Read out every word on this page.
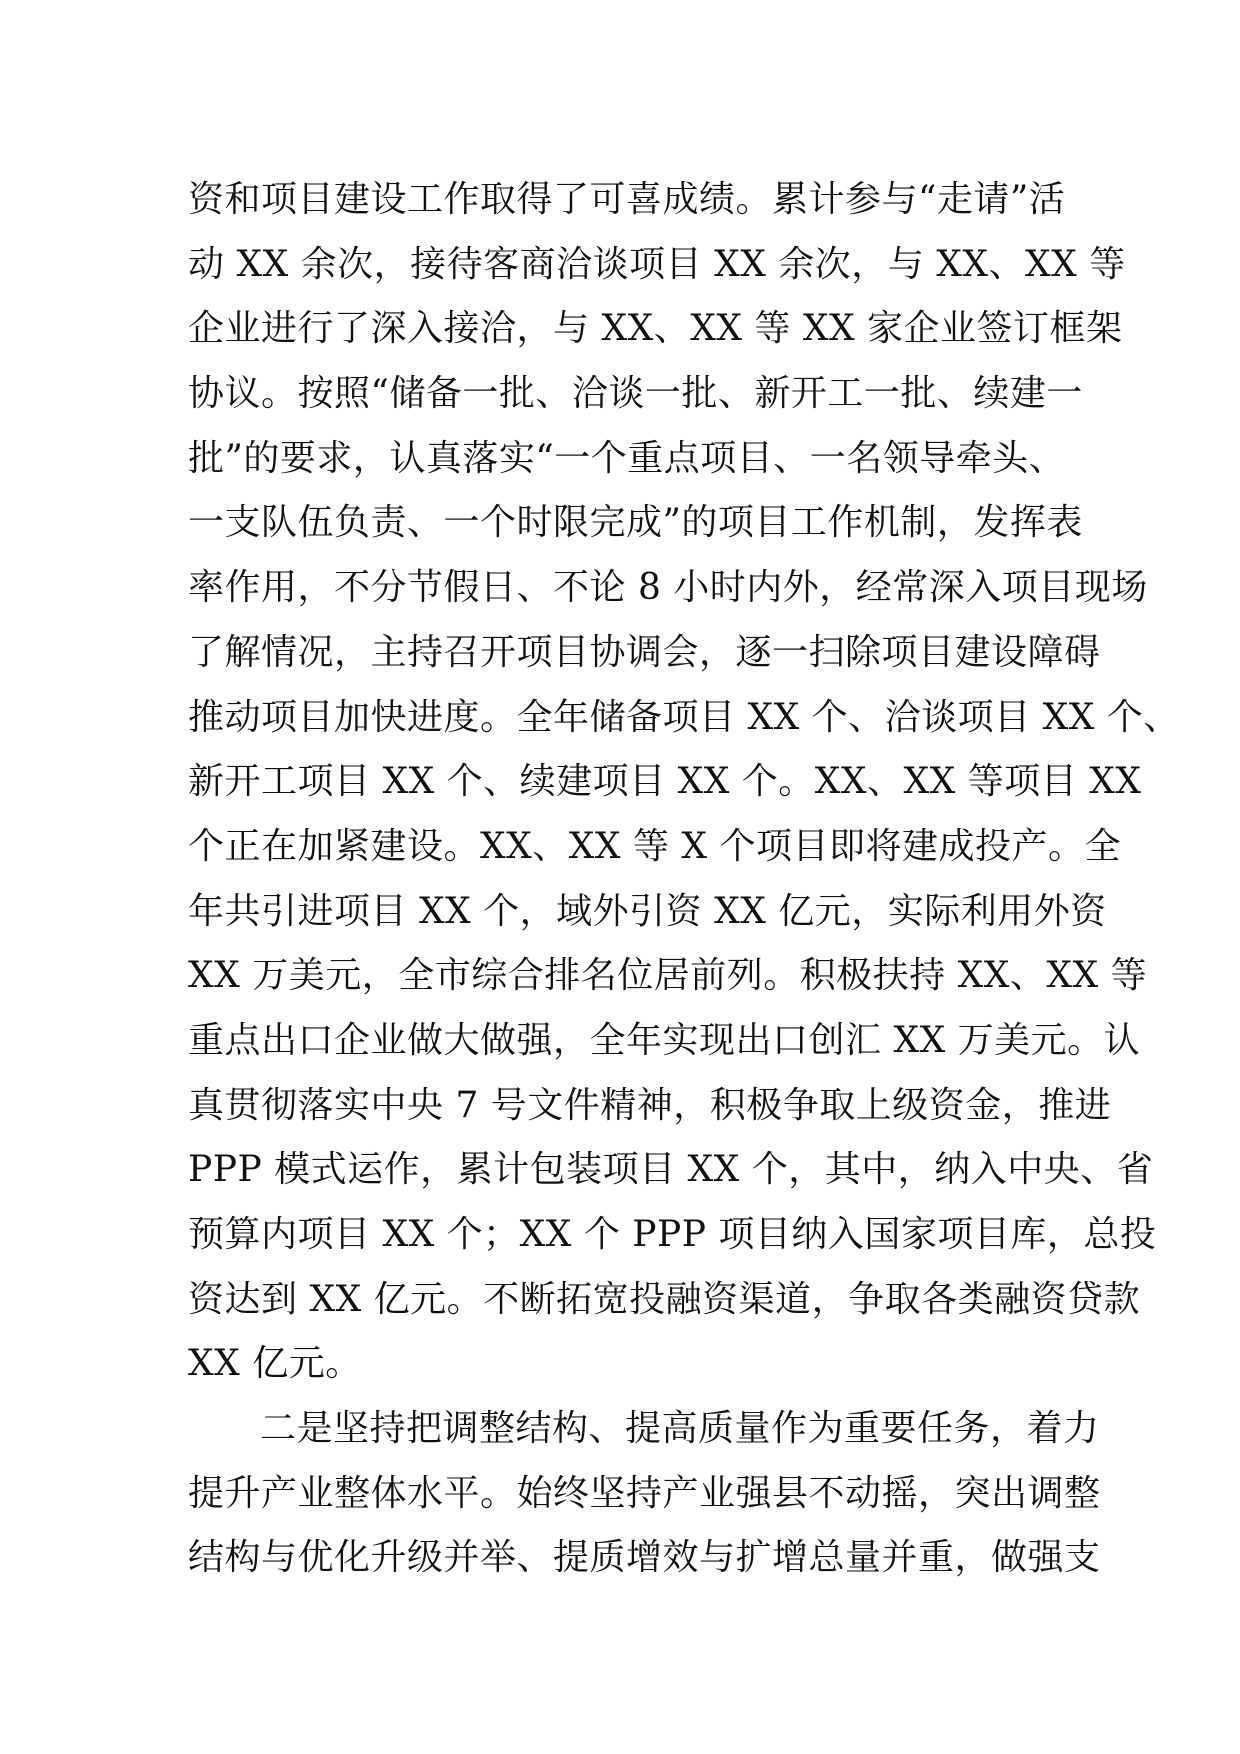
资和项目建设工作取得了可喜成绩。累计参与“走请”活
动 XX 余次，接待客商洽谈项目 XX 余次，与 XX、XX 等
企业进行了深入接洽，与 XX、XX 等 XX 家企业签订框架
协议。按照“储备一批、洽谈一批、新开工一批、续建一
批”的要求，认真落实“一个重点项目、一名领导牵头、
一支队伍负责、一个时限完成”的项目工作机制，发挥表
率作用，不分节假日、不论 8 小时内外，经常深入项目现场
了解情况，主持召开项目协调会，逐一扫除项目建设障碍
推动项目加快进度。全年储备项目 XX 个、洽谈项目 XX 个、
新开工项目 XX 个、续建项目 XX 个。XX、XX 等项目 XX
个正在加紧建设。XX、XX 等 X 个项目即将建成投产。全
年共引进项目 XX 个，域外引资 XX 亿元，实际利用外资
XX 万美元，全市综合排名位居前列。积极扶持 XX、XX 等
重点出口企业做大做强，全年实现出口创汇 XX 万美元。认
真贯彻落实中央 7 号文件精神，积极争取上级资金，推进
PPP 模式运作，累计包装项目 XX 个，其中，纳入中央、省
预算内项目 XX 个；XX 个 PPP 项目纳入国家项目库，总投
资达到 XX 亿元。不断拓宽投融资渠道，争取各类融资贷款
XX 亿元。
二是坚持把调整结构、提高质量作为重要任务，着力
提升产业整体水平。始终坚持产业强县不动摇，突出调整
结构与优化升级并举、提质增效与扩增总量并重，做强支
